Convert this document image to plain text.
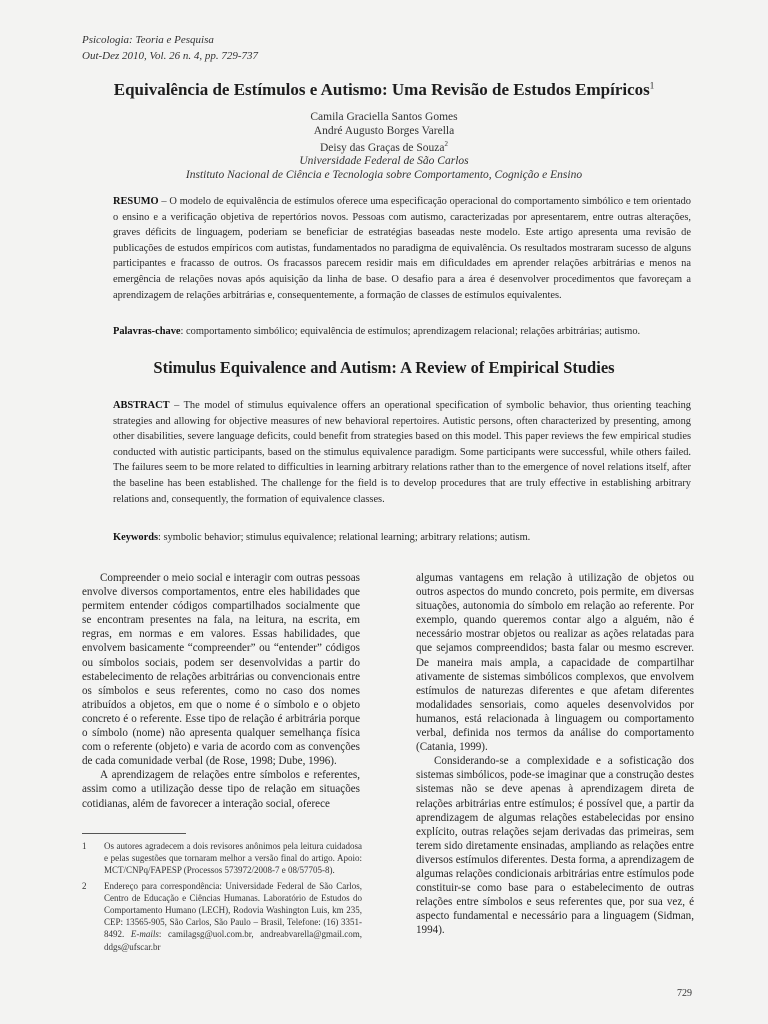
Psicologia: Teoria e Pesquisa
Out-Dez 2010, Vol. 26 n. 4, pp. 729-737
Equivalência de Estímulos e Autismo: Uma Revisão de Estudos Empíricos$^1$
Camila Graciella Santos Gomes
André Augusto Borges Varella
Deisy das Graças de Souza$^2$
Universidade Federal de São Carlos
Instituto Nacional de Ciência e Tecnologia sobre Comportamento, Cognição e Ensino
RESUMO – O modelo de equivalência de estímulos oferece uma especificação operacional do comportamento simbólico e tem orientado o ensino e a verificação objetiva de repertórios novos. Pessoas com autismo, caracterizadas por apresentarem, entre outras alterações, graves déficits de linguagem, poderiam se beneficiar de estratégias baseadas neste modelo. Este artigo apresenta uma revisão de publicações de estudos empíricos com autistas, fundamentados no paradigma de equivalência. Os resultados mostraram sucesso de alguns participantes e fracasso de outros. Os fracassos parecem residir mais em dificuldades em aprender relações arbitrárias e menos na emergência de relações novas após aquisição da linha de base. O desafio para a área é desenvolver procedimentos que favoreçam a aprendizagem de relações arbitrárias e, consequentemente, a formação de classes de estímulos equivalentes.
Palavras-chave: comportamento simbólico; equivalência de estímulos; aprendizagem relacional; relações arbitrárias; autismo.
Stimulus Equivalence and Autism: A Review of Empirical Studies
ABSTRACT – The model of stimulus equivalence offers an operational specification of symbolic behavior, thus orienting teaching strategies and allowing for objective measures of new behavioral repertoires. Autistic persons, often characterized by presenting, among other disabilities, severe language deficits, could benefit from strategies based on this model. This paper reviews the few empirical studies conducted with autistic participants, based on the stimulus equivalence paradigm. Some participants were successful, while others failed. The failures seem to be more related to difficulties in learning arbitrary relations rather than to the emergence of novel relations itself, after the baseline has been established. The challenge for the field is to develop procedures that are truly effective in establishing arbitrary relations and, consequently, the formation of equivalence classes.
Keywords: symbolic behavior; stimulus equivalence; relational learning; arbitrary relations; autism.

Compreender o meio social e interagir com outras pessoas envolve diversos comportamentos, entre eles habilidades que permitem entender códigos compartilhados socialmente que se encontram presentes na fala, na leitura, na escrita, em regras, em normas e em valores. Essas habilidades, que envolvem basicamente “compreender” ou “entender” códigos ou símbolos sociais, podem ser desenvolvidas a partir do estabelecimento de relações arbitrárias ou convencionais entre os símbolos e seus referentes, como no caso dos nomes atribuídos a objetos, em que o nome é o símbolo e o objeto concreto é o referente. Esse tipo de relação é arbitrária porque o símbolo (nome) não apresenta qualquer semelhança física com o referente (objeto) e varia de acordo com as convenções de cada comunidade verbal (de Rose, 1998; Dube, 1996).

A aprendizagem de relações entre símbolos e referentes, assim como a utilização desse tipo de relação em situações cotidianas, além de favorecer a interação social, oferece

algumas vantagens em relação à utilização de objetos ou outros aspectos do mundo concreto, pois permite, em diversas situações, autonomia do símbolo em relação ao referente. Por exemplo, quando queremos contar algo a alguém, não é necessário mostrar objetos ou realizar as ações relatadas para que sejamos compreendidos; basta falar ou mesmo escrever. De maneira mais ampla, a capacidade de compartilhar ativamente de sistemas simbólicos complexos, que envolvem estímulos de naturezas diferentes e que afetam diferentes modalidades sensoriais, como aqueles desenvolvidos por humanos, está relacionada à linguagem ou comportamento verbal, definida nos termos da análise do comportamento (Catania, 1999).

Considerando-se a complexidade e a sofisticação dos sistemas simbólicos, pode-se imaginar que a construção destes sistemas não se deve apenas à aprendizagem direta de relações arbitrárias entre estímulos; é possível que, a partir da aprendizagem de algumas relações estabelecidas por ensino explícito, outras relações sejam derivadas das primeiras, sem terem sido diretamente ensinadas, ampliando as relações entre diversos estímulos diferentes. Desta forma, a aprendizagem de algumas relações condicionais arbitrárias entre estímulos pode constituir-se como base para o estabelecimento de outras relações entre símbolos e seus referentes que, por sua vez, é aspecto fundamental e necessário para a linguagem (Sidman, 1994).

1	Os autores agradecem a dois revisores anônimos pela leitura cuidadosa e pelas sugestões que tornaram melhor a versão final do artigo. Apoio: MCT/CNPq/FAPESP (Processos 573972/2008-7 e 08/57705-8).
2	Endereço para correspondência: Universidade Federal de São Carlos, Centro de Educação e Ciências Humanas. Laboratório de Estudos do Comportamento Humano (LECH), Rodovia Washington Luis, km 235, CEP: 13565-905, São Carlos, São Paulo – Brasil, Telefone: (16) 3351-8492. E-mails: camilagsg@uol.com.br, andreabvarella@gmail.com, ddgs@ufscar.br
729
